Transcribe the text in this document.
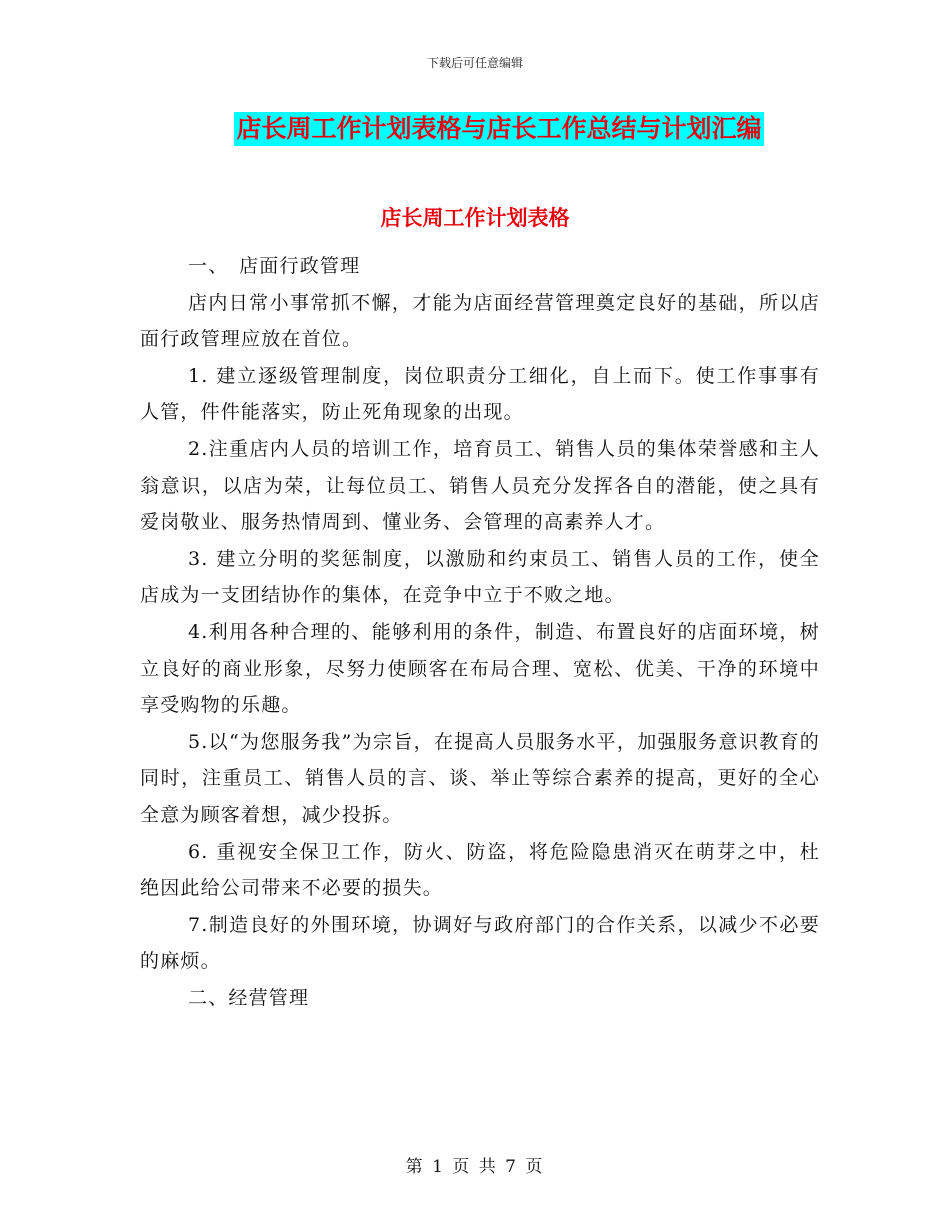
下载后可任意编辑
店长周工作计划表格与店长工作总结与计划汇编
店长周工作计划表格

一、　店面行政管理

店内日常小事常抓不懈，才能为店面经营管理奠定良好的基础，所以店面行政管理应放在首位。

1. 建立逐级管理制度，岗位职责分工细化，自上而下。使工作事事有人管，件件能落实，防止死角现象的出现。

2.注重店内人员的培训工作，培育员工、销售人员的集体荣誉感和主人翁意识，以店为荣，让每位员工、销售人员充分发挥各自的潜能，使之具有爱岗敬业、服务热情周到、懂业务、会管理的高素养人才。

3. 建立分明的奖惩制度，以激励和约束员工、销售人员的工作，使全店成为一支团结协作的集体，在竞争中立于不败之地。

4.利用各种合理的、能够利用的条件，制造、布置良好的店面环境，树立良好的商业形象，尽努力使顾客在布局合理、宽松、优美、干净的环境中享受购物的乐趣。

5.以“为您服务我”为宗旨，在提高人员服务水平，加强服务意识教育的同时，注重员工、销售人员的言、谈、举止等综合素养的提高，更好的全心全意为顾客着想，减少投拆。

6. 重视安全保卫工作，防火、防盗，将危险隐患消灭在萌芽之中，杜绝因此给公司带来不必要的损失。

7.制造良好的外围环境，协调好与政府部门的合作关系，以减少不必要的麻烦。

二、经营管理

第 1 页 共 7 页
